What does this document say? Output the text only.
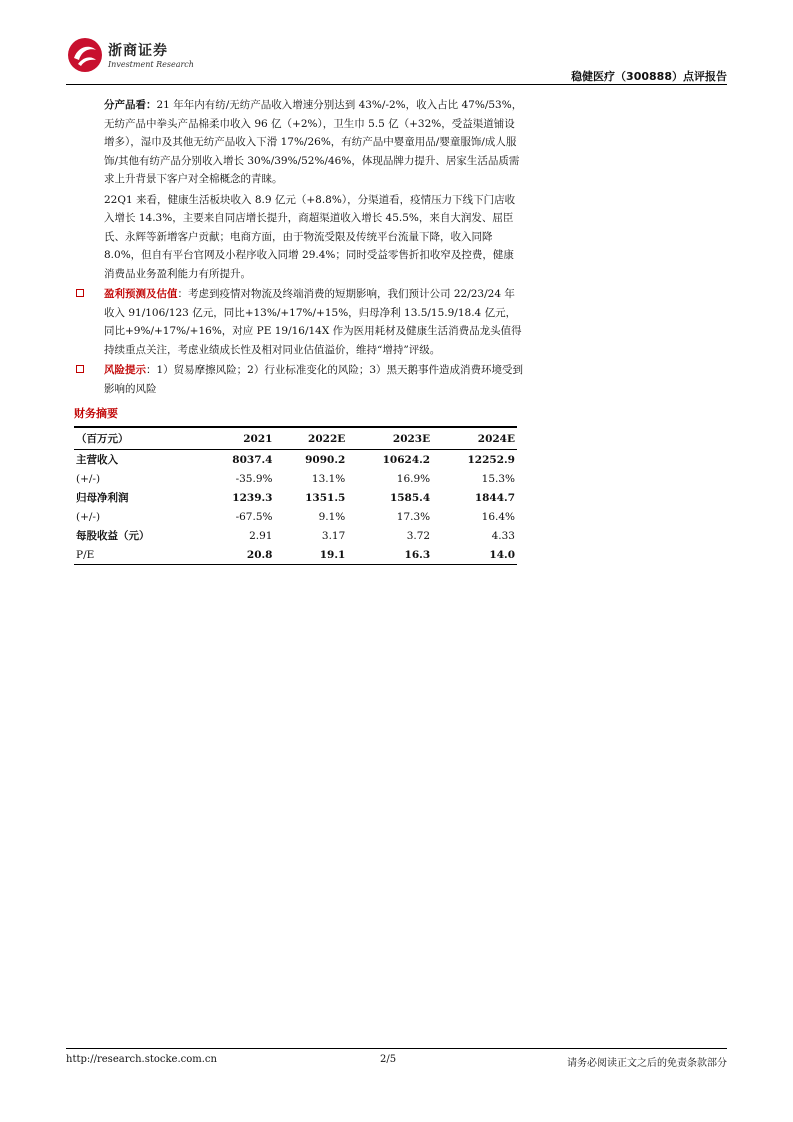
浙商证券
Investment Research
稳健医疗（300888）点评报告

分产品看：21 年年内有纺/无纺产品收入增速分别达到 43%/-2%，收入占比 47%/53%，无纺产品中拳头产品棉柔巾收入 96 亿（+2%），卫生巾 5.5 亿（+32%，受益渠道铺设增多），湿巾及其他无纺产品收入下滑 17%/26%，有纺产品中婴童用品/婴童服饰/成人服饰/其他有纺产品分别收入增长 30%/39%/52%/46%，体现品牌力提升、居家生活品质需求上升背景下客户对全棉概念的青睐。

22Q1 来看，健康生活板块收入 8.9 亿元（+8.8%），分渠道看，疫情压力下线下门店收入增长 14.3%，主要来自同店增长提升，商超渠道收入增长 45.5%，来自大润发、屈臣氏、永辉等新增客户贡献；电商方面，由于物流受限及传统平台流量下降，收入同降 8.0%，但自有平台官网及小程序收入同增 29.4%；同时受益零售折扣收窄及控费，健康消费品业务盈利能力有所提升。

盈利预测及估值：考虑到疫情对物流及终端消费的短期影响，我们预计公司 22/23/24 年收入 91/106/123 亿元，同比+13%/+17%/+15%，归母净利 13.5/15.9/18.4 亿元，同比+9%/+17%/+16%，对应 PE 19/16/14X 作为医用耗材及健康生活消费品龙头值得持续重点关注，考虑业绩成长性及相对同业估值溢价，维持“增持”评级。

风险提示：1）贸易摩擦风险；2）行业标准变化的风险；3）黑天鹅事件造成消费环境受到影响的风险

财务摘要
（百万元）	2021	2022E	2023E	2024E
主营收入	8037.4	9090.2	10624.2	12252.9
(+/-)	-35.9%	13.1%	16.9%	15.3%
归母净利润	1239.3	1351.5	1585.4	1844.7
(+/-)	-67.5%	9.1%	17.3%	16.4%
每股收益（元）	2.91	3.17	3.72	4.33
P/E	20.8	19.1	16.3	14.0
http://research.stocke.com.cn	2/5	请务必阅读正文之后的免责条款部分
